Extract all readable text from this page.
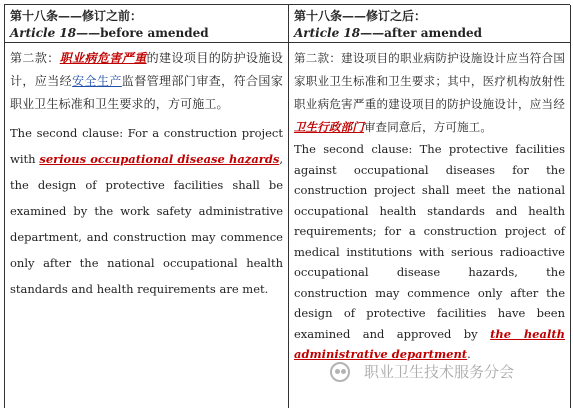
第十八条——修订之前：
Article 18——before amended
第二款：职业病危害严重的建设项目的防护设施设计，应当经安全生产监督管理部门审查，符合国家职业卫生标准和卫生要求的，方可施工。
The second clause: For a construction project with serious occupational disease hazards, the design of protective facilities shall be examined by the work safety administrative department, and construction may commence only after the national occupational health standards and health requirements are met.
第十八条——修订之后：
Article 18——after amended
第二款：建设项目的职业病防护设施设计应当符合国家职业卫生标准和卫生要求；其中，医疗机构放射性职业病危害严重的建设项目的防护设施设计，应当经卫生行政部门审查同意后，方可施工。
The second clause: The protective facilities against occupational diseases for the construction project shall meet the national occupational health standards and health requirements; for a construction project of medical institutions with serious radioactive occupational disease hazards, the construction may commence only after the design of protective facilities have been examined and approved by the health administrative department.
职业卫生技术服务分会
